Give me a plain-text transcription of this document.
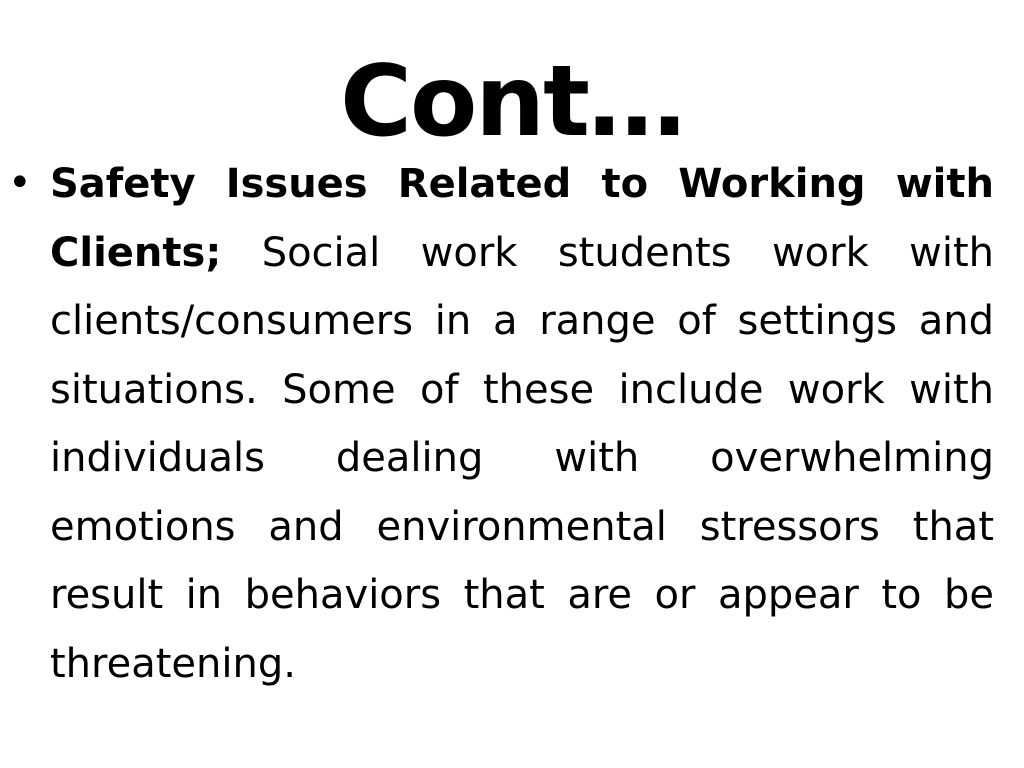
Cont…
• Safety Issues Related to Working with Clients; Social work students work with clients/consumers in a range of settings and situations. Some of these include work with individuals dealing with overwhelming emotions and environmental stressors that result in behaviors that are or appear to be threatening.
